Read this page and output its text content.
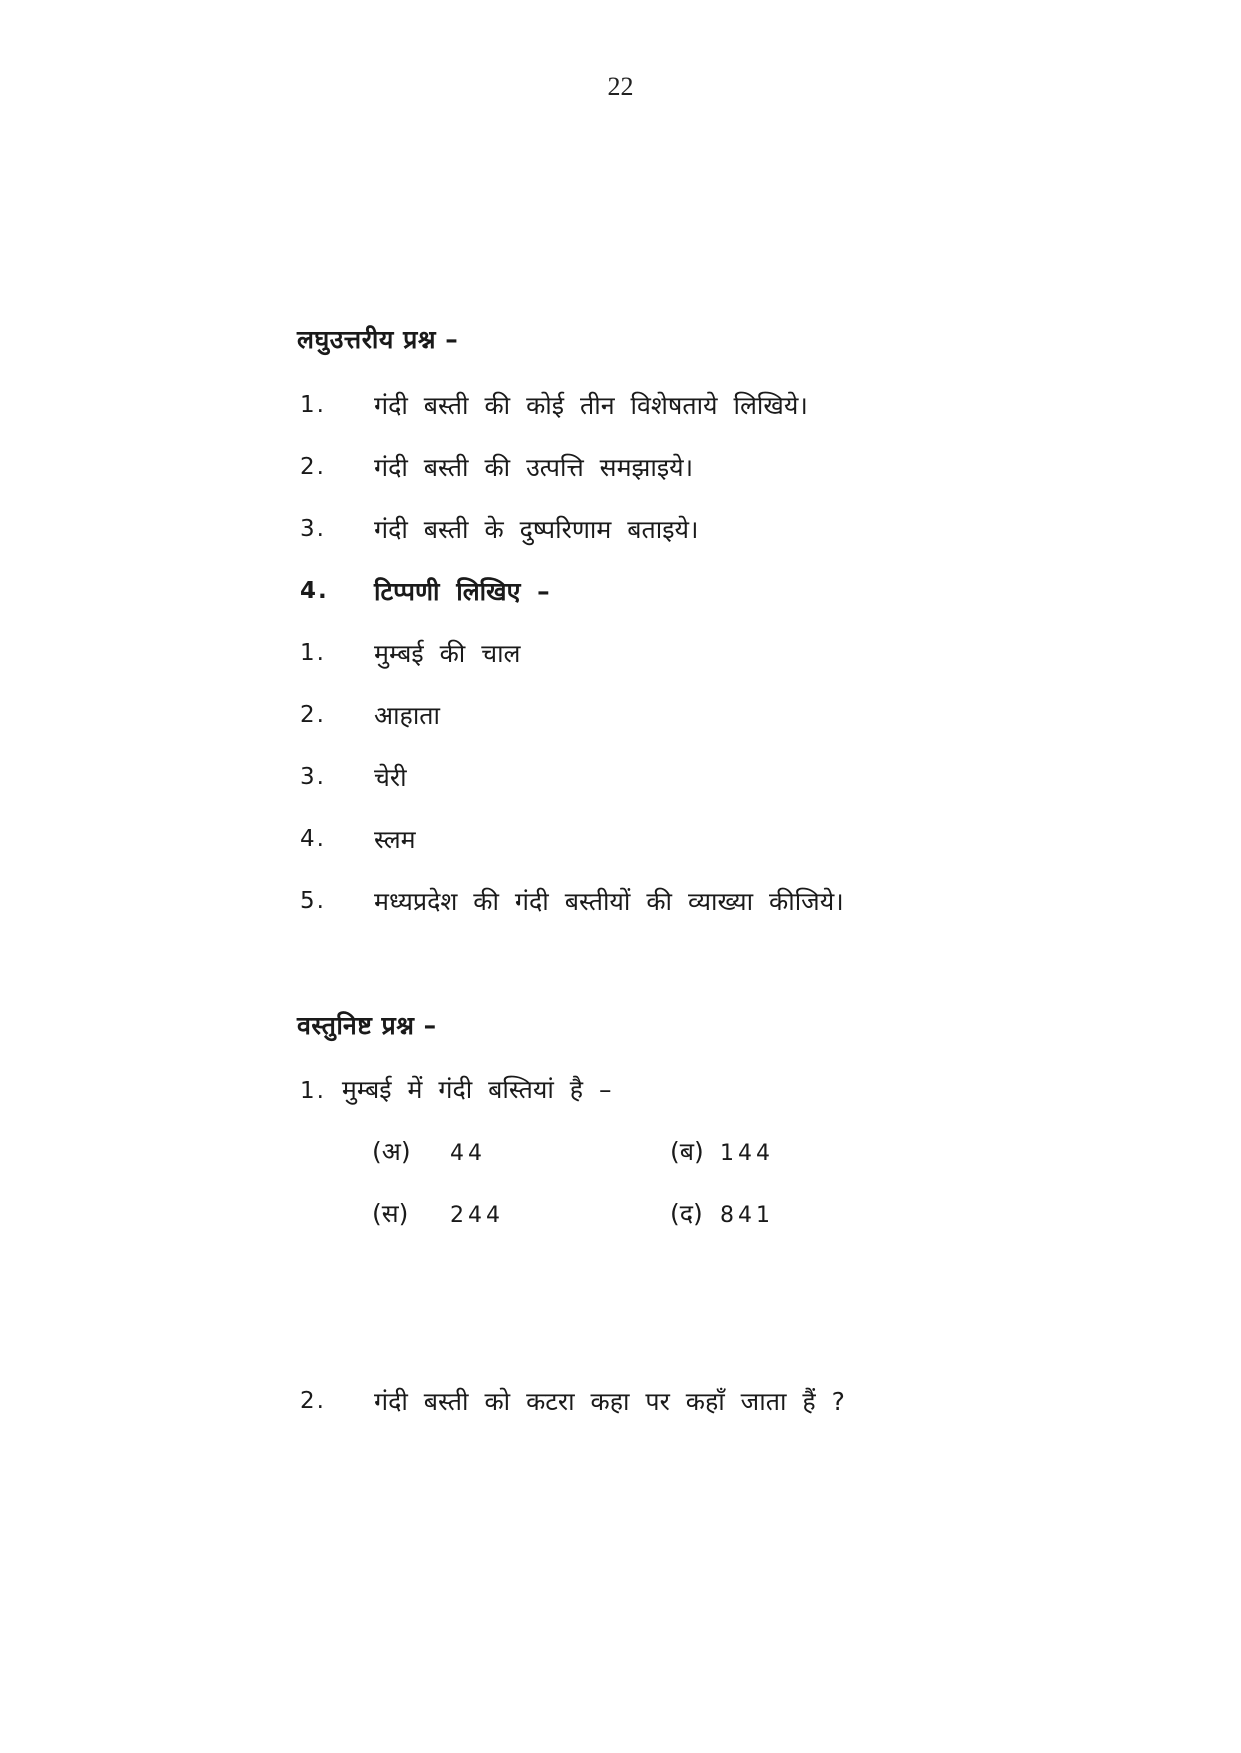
22
लघुउत्तरीय प्रश्न –
1. गंदी बस्ती की कोई तीन विशेषताये लिखिये।
2. गंदी बस्ती की उत्पत्ति समझाइये।
3. गंदी बस्ती के दुष्परिणाम बताइये।
4. टिप्पणी लिखिए –
1. मुम्बई की चाल
2. आहाता
3. चेरी
4. स्लम
5. मध्यप्रदेश की गंदी बस्तीयों की व्याख्या कीजिये।
वस्तुनिष्ट प्रश्न –
1. मुम्बई में गंदी बस्तियां है –
(अ) 44	(ब) 144
(स) 244	(द) 841
2. गंदी बस्ती को कटरा कहा पर कहाँ जाता हैं ?
